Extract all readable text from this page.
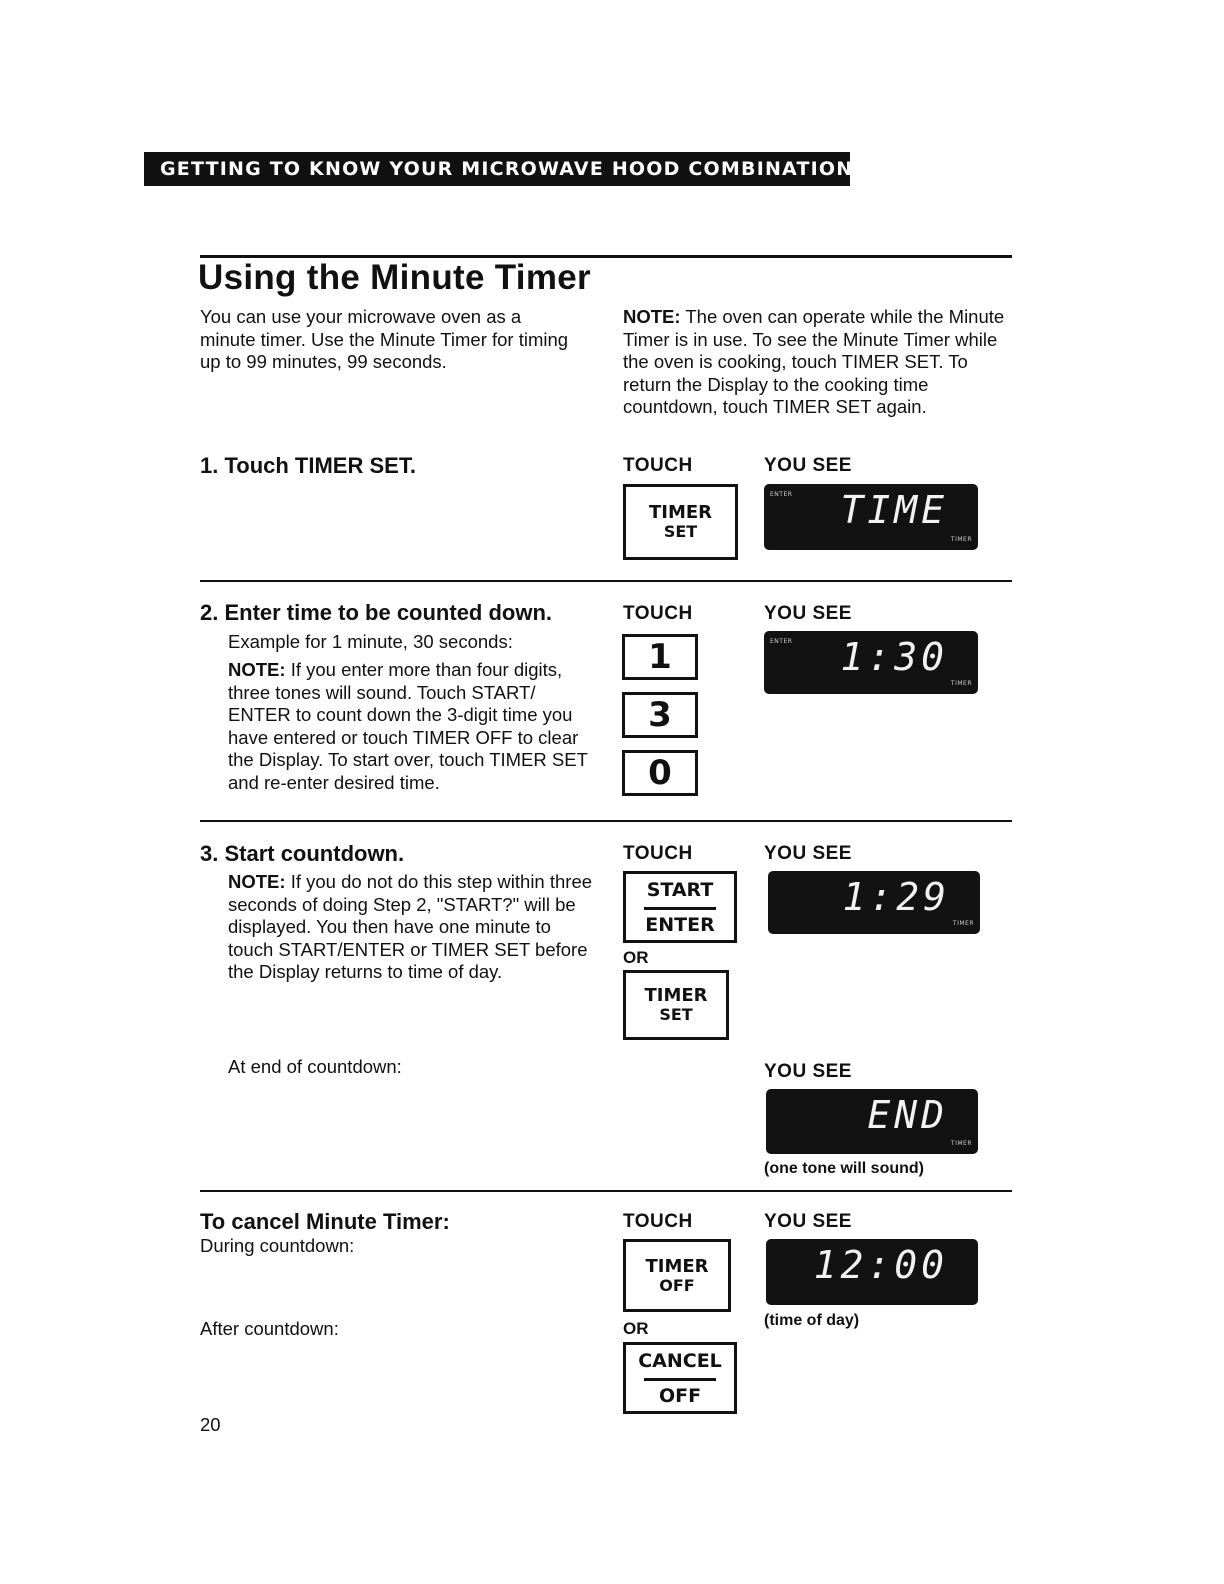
GETTING TO KNOW YOUR MICROWAVE HOOD COMBINATION
Using the Minute Timer
You can use your microwave oven as a minute timer. Use the Minute Timer for timing up to 99 minutes, 99 seconds.
NOTE: The oven can operate while the Minute Timer is in use. To see the Minute Timer while the oven is cooking, touch TIMER SET. To return the Display to the cooking time countdown, touch TIMER SET again.
1. Touch TIMER SET.	TOUCH	YOU SEE
TIMER
SET
ENTER TIME
TIMER
2. Enter time to be counted down.	TOUCH	YOU SEE
Example for 1 minute, 30 seconds:
NOTE: If you enter more than four digits, three tones will sound. Touch START/ ENTER to count down the 3-digit time you have entered or touch TIMER OFF to clear the Display. To start over, touch TIMER SET and re-enter desired time.
1
3
0
ENTER 1:30
TIMER
3. Start countdown.	TOUCH	YOU SEE
NOTE: If you do not do this step within three seconds of doing Step 2, "START?" will be displayed. You then have one minute to touch START/ENTER or TIMER SET before the Display returns to time of day.
START
ENTER
OR
TIMER
SET
1:29
TIMER
At end of countdown:	YOU SEE
END
TIMER
(one tone will sound)
To cancel Minute Timer:	TOUCH	YOU SEE
During countdown:
After countdown:
TIMER
OFF
OR
CANCEL
OFF
12:00
(time of day)
20
